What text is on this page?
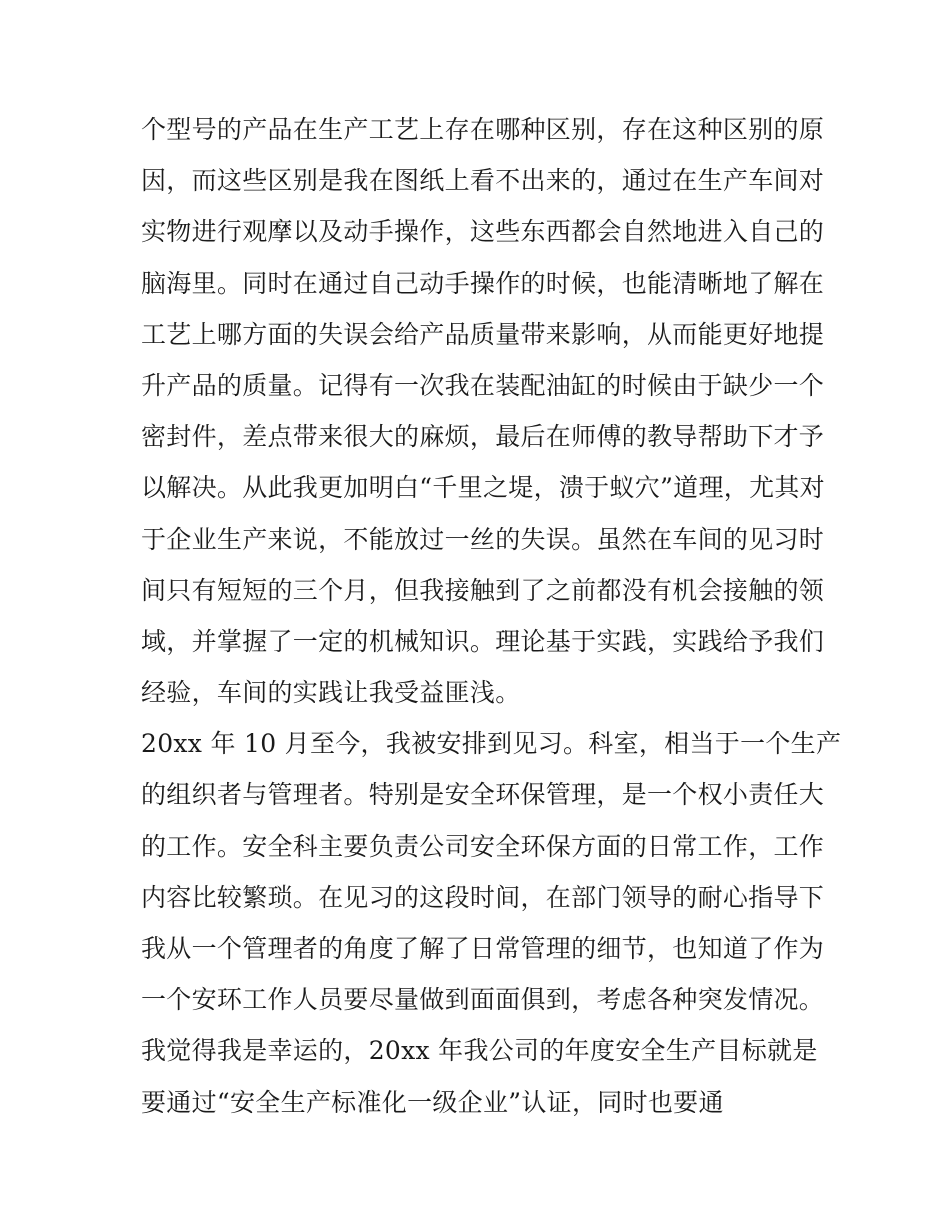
个型号的产品在生产工艺上存在哪种区别，存在这种区别的原
因，而这些区别是我在图纸上看不出来的，通过在生产车间对
实物进行观摩以及动手操作，这些东西都会自然地进入自己的
脑海里。同时在通过自己动手操作的时候，也能清晰地了解在
工艺上哪方面的失误会给产品质量带来影响，从而能更好地提
升产品的质量。记得有一次我在装配油缸的时候由于缺少一个
密封件，差点带来很大的麻烦，最后在师傅的教导帮助下才予
以解决。从此我更加明白“千里之堤，溃于蚁穴”道理，尤其对
于企业生产来说，不能放过一丝的失误。虽然在车间的见习时
间只有短短的三个月，但我接触到了之前都没有机会接触的领
域，并掌握了一定的机械知识。理论基于实践，实践给予我们
经验，车间的实践让我受益匪浅。
20xx 年 10 月至今，我被安排到见习。科室，相当于一个生产
的组织者与管理者。特别是安全环保管理，是一个权小责任大
的工作。安全科主要负责公司安全环保方面的日常工作，工作
内容比较繁琐。在见习的这段时间，在部门领导的耐心指导下
我从一个管理者的角度了解了日常管理的细节，也知道了作为
一个安环工作人员要尽量做到面面俱到，考虑各种突发情况。
我觉得我是幸运的，20xx 年我公司的年度安全生产目标就是
要通过“安全生产标准化一级企业”认证，同时也要通
